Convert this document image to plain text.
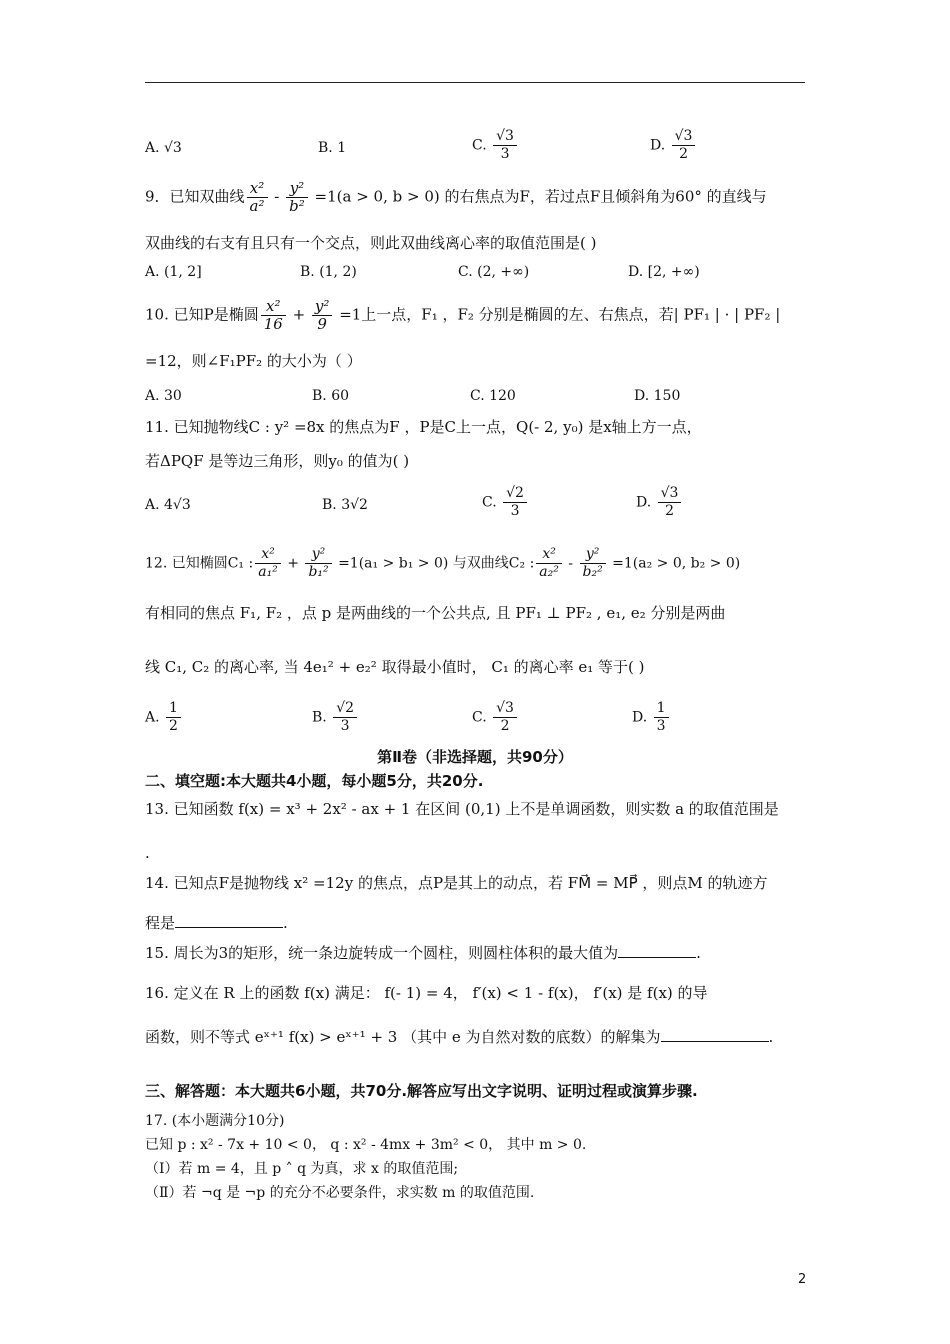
A. √3	B. 1	C. $\frac{√3}{3}$	D. $\frac{√3}{2}$
9．已知双曲线 $\frac{\text{x²}}{\text{a²}} - \frac{\text{y²}}{\text{b²}} =1(a > 0$, b > 0) 的右焦点为F，若过点F且倾斜角为60° 的直线与
双曲线的右支有且只有一个交点，则此双曲线离心率的取值范围是( )
A. (1, 2]	B. (1, 2)	C. (2, +∞)	D. [2, +∞)
10. 已知P是椭圆 $\frac{\text{x²}}{16} + \frac{\text{y²}}{9} =1$上一点，F₁ ，F₂ 分别是椭圆的左、右焦点，若| PF₁ | · | PF₂ |
=12，则∠F₁PF₂ 的大小为（ ）
A. 30	B. 60	C. 120	D. 150
11. 已知抛物线C : y² =8x 的焦点为F ，P是C上一点，Q(- 2, y₀) 是x轴上方一点，
若ΔPQF 是等边三角形，则y₀ 的值为( )
A. 4√3	B. 3√2	C. $\frac{√2}{3}$	D. $\frac{√3}{2}$
12. 已知椭圆C₁ : $\frac{\text{x²}}{\text{a₁²}} + \frac{\text{y²}}{\text{b₁²}} =1(a_1 > b_1 > 0)$ 与双曲线C₂ : $\frac{\text{x²}}{\text{a₂²}} - \frac{\text{y²}}{\text{b₂²}} =1(a_2 > 0$, b₂ > 0)
有相同的焦点 F₁, F₂ ，点 p 是两曲线的一个公共点, 且 PF₁ ⊥ PF₂ , e₁, e₂ 分别是两曲
线 C₁, C₂ 的离心率, 当 4e₁² + e₂² 取得最小值时， C₁ 的离心率 e₁ 等于( )
A. $\frac{1}{2}$	B. $\frac{√2}{3}$	C. $\frac{√3}{2}$	D. $\frac{1}{3}$
第Ⅱ卷（非选择题，共90分）
二、填空题:本大题共4小题，每小题5分，共20分.
13. 已知函数 f(x) = x³ + 2x² - ax + 1 在区间 (0,1) 上不是单调函数，则实数 a 的取值范围是
.
14. 已知点F是抛物线 x² =12y 的焦点，点P是其上的动点，若 FM⃗ = MP⃗ ，则点M 的轨迹方
程是	.
15. 周长为3的矩形，统一条边旋转成一个圆柱，则圆柱体积的最大值为	.
16. 定义在 R 上的函数 f(x) 满足： f(- 1) = 4， f′(x) < 1 - f(x)， f′(x) 是 f(x) 的导
函数，则不等式 eˣ⁺¹ f(x) > eˣ⁺¹ + 3 （其中 e 为自然对数的底数）的解集为	.
三、解答题：本大题共6小题，共70分.解答应写出文字说明、证明过程或演算步骤.
17. (本小题满分10分)
已知 p : x² - 7x + 10 < 0， q : x² - 4mx + 3m² < 0， 其中 m > 0.
（Ⅰ）若 m = 4，且 p ˄ q 为真，求 x 的取值范围;
（Ⅱ）若 ¬q 是 ¬p 的充分不必要条件，求实数 m 的取值范围.
2
